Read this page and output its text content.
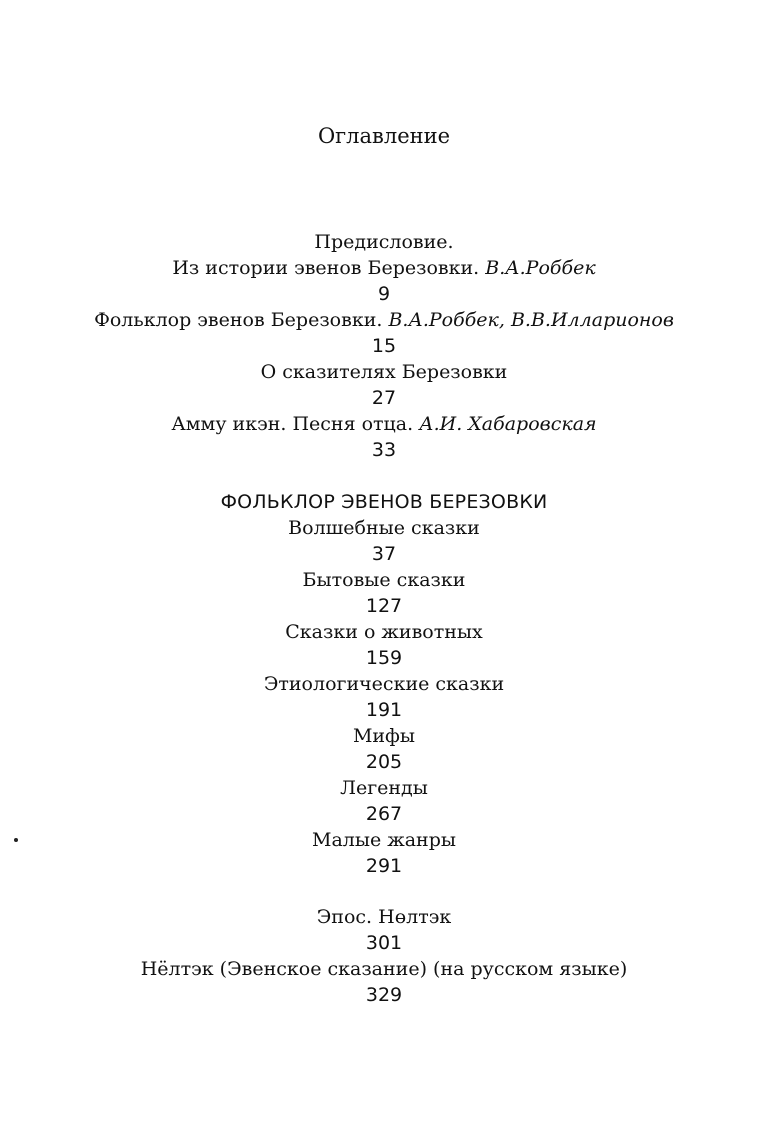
Оглавление
Предисловие.
Из истории эвенов Березовки. В.А.Роббек
9
Фольклор эвенов Березовки. В.А.Роббек, В.В.Илларионов
15
О сказителях Березовки
27
Амму икэн. Песня отца. А.И. Хабаровская
33
ФОЛЬКЛОР ЭВЕНОВ БЕРЕЗОВКИ
Волшебные сказки
37
Бытовые сказки
127
Сказки о животных
159
Этиологические сказки
191
Мифы
205
Легенды
267
Малые жанры
291
Эпос. Нөлтэк
301
Нёлтэк (Эвенское сказание) (на русском языке)
329
